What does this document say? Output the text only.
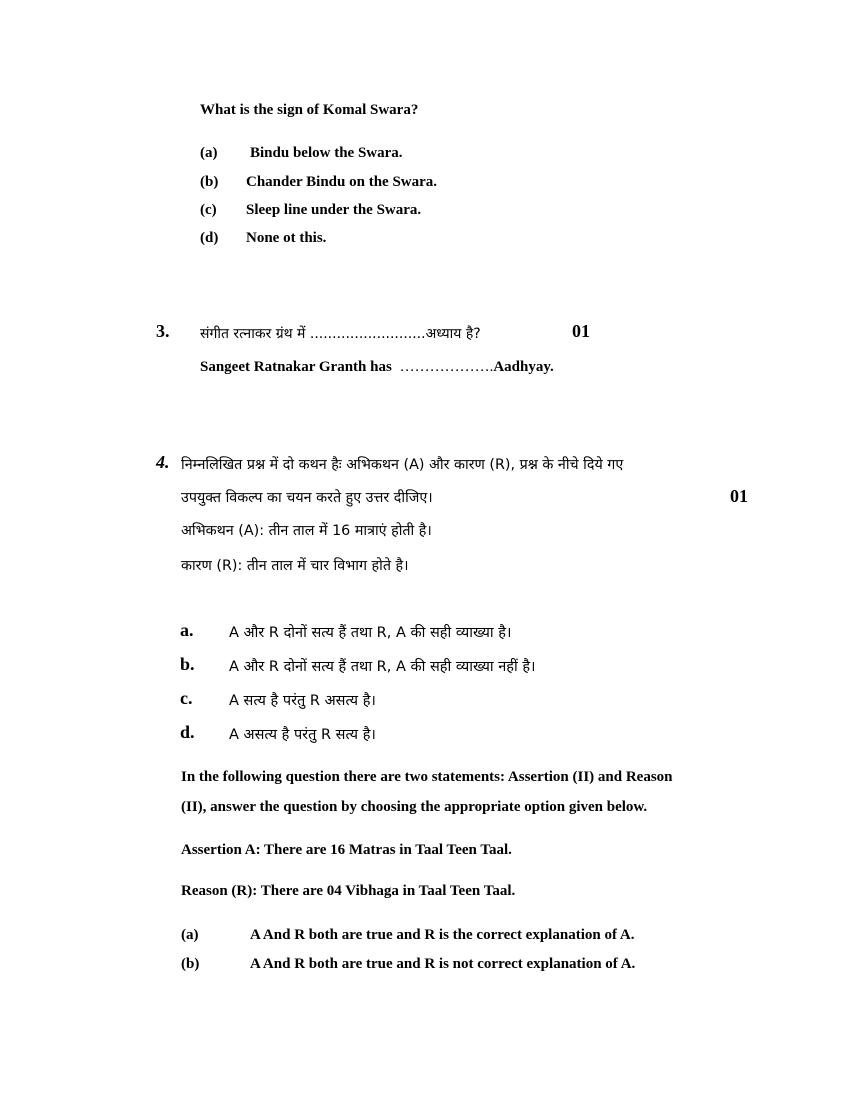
What is the sign of Komal Swara?
(a) Bindu below the Swara.
(b) Chander Bindu on the Swara.
(c) Sleep line under the Swara.
(d) None ot this.
3. संगीत रत्नाकर ग्रंथ में ..........................अध्याय है?	01
Sangeet Ratnakar Granth has ……………….Aadhyay.
4. निम्नलिखित प्रश्न में दो कथन हैः अभिकथन (A) और कारण (R), प्रश्न के नीचे दिये गए
उपयुक्त विकल्प का चयन करते हुए उत्तर दीजिए।	01
अभिकथन (A): तीन ताल में 16 मात्राएं होती है।
कारण (R): तीन ताल में चार विभाग होते है।
a. A और R दोनों सत्य हैं तथा R, A की सही व्याख्या है।
b. A और R दोनों सत्य हैं तथा R, A की सही व्याख्या नहीं है।
c.	A सत्य है परंतु R असत्य है।
d. A असत्य है परंतु R सत्य है।
In the following question there are two statements: Assertion (II) and Reason
(II), answer the question by choosing the appropriate option given below.
Assertion A: There are 16 Matras in Taal Teen Taal.
Reason (R): There are 04 Vibhaga in Taal Teen Taal.
(a)	A And R both are true and R is the correct explanation of A.
(b)	A And R both are true and R is not correct explanation of A.
